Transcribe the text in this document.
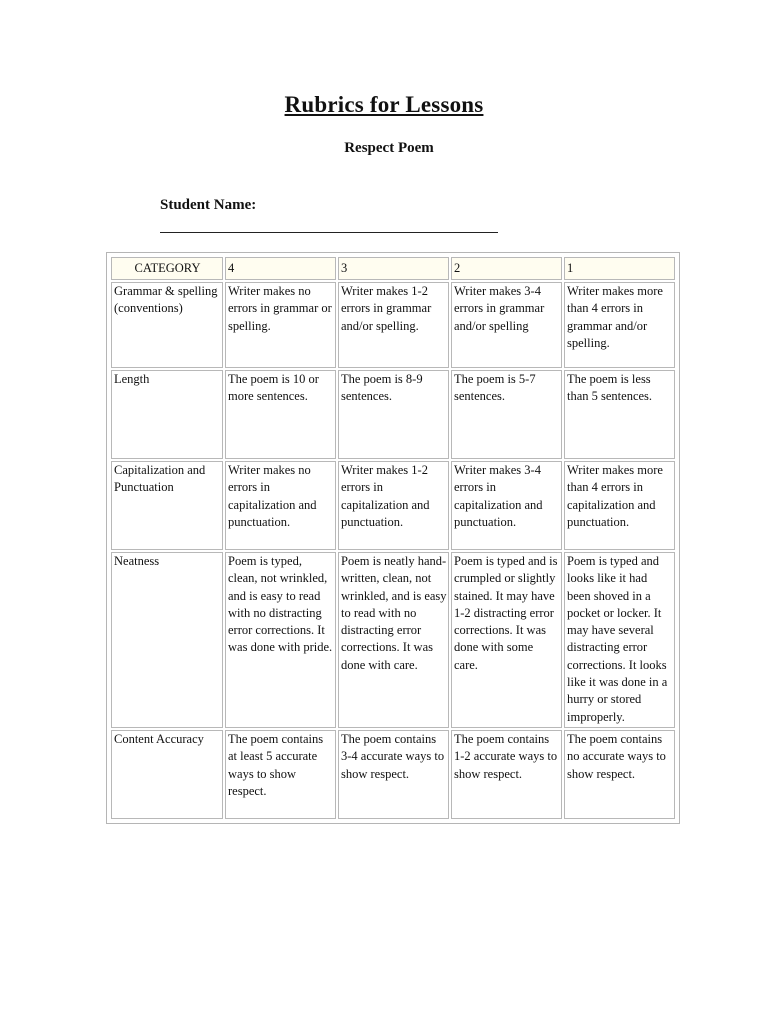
Rubrics for Lessons
Respect Poem
Student Name:
CATEGORY	4	3	2	1
Grammar & spelling (conventions)	Writer makes no errors in grammar or spelling.	Writer makes 1-2 errors in grammar and/or spelling.	Writer makes 3-4 errors in grammar and/or spelling	Writer makes more than 4 errors in grammar and/or spelling.
Length	The poem is 10 or more sentences.	The poem is 8-9 sentences.	The poem is 5-7 sentences.	The poem is less than 5 sentences.
Capitalization and Punctuation	Writer makes no errors in capitalization and punctuation.	Writer makes 1-2 errors in capitalization and punctuation.	Writer makes 3-4 errors in capitalization and punctuation.	Writer makes more than 4 errors in capitalization and punctuation.
Neatness	Poem is typed, clean, not wrinkled, and is easy to read with no distracting error corrections. It was done with pride.	Poem is neatly hand-written, clean, not wrinkled, and is easy to read with no distracting error corrections. It was done with care.	Poem is typed and is crumpled or slightly stained. It may have 1-2 distracting error corrections. It was done with some care.	Poem is typed and looks like it had been shoved in a pocket or locker. It may have several distracting error corrections. It looks like it was done in a hurry or stored improperly.
Content Accuracy	The poem contains at least 5 accurate ways to show respect.	The poem contains 3-4 accurate ways to show respect.	The poem contains 1-2 accurate ways to show respect.	The poem contains no accurate ways to show respect.
